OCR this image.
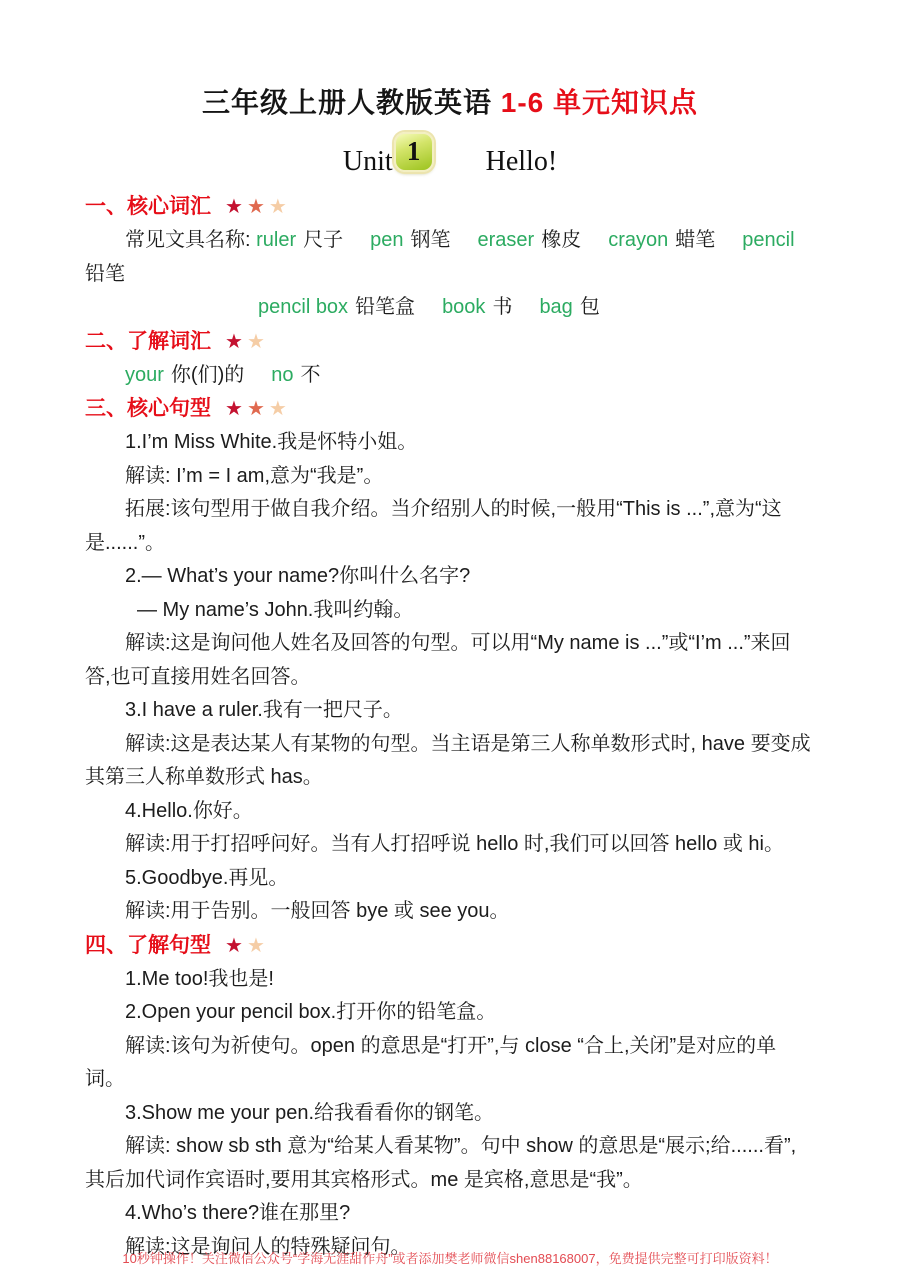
三年级上册人教版英语 1-6 单元知识点
Unit 1 Hello!
一、核心词汇 ★★★

常见文具名称: ruler 尺子 pen 钢笔 eraser 橡皮 crayon 蜡笔 pencil铅笔

pencil box 铅笔盒 book 书 bag 包

二、了解词汇 ★★

your 你(们)的 no 不

三、核心句型 ★★★

1.I’m Miss White.我是怀特小姐。

解读: I’m = I am,意为“我是”。

拓展:该句型用于做自我介绍。当介绍别人的时候,一般用“This is ...”,意为“这是......”。

2.— What’s your name?你叫什么名字?

— My name’s John.我叫约翰。

解读:这是询问他人姓名及回答的句型。可以用“My name is ...”或“I’m ...”来回答,也可直接用姓名回答。

3.I have a ruler.我有一把尺子。

解读:这是表达某人有某物的句型。当主语是第三人称单数形式时, have 要变成其第三人称单数形式 has。

4.Hello.你好。

解读:用于打招呼问好。当有人打招呼说 hello 时,我们可以回答 hello 或 hi。

5.Goodbye.再见。

解读:用于告别。一般回答 bye 或 see you。

四、了解句型 ★★

1.Me too!我也是!

2.Open your pencil box.打开你的铅笔盒。

解读:该句为祈使句。open 的意思是“打开”,与 close “合上,关闭”是对应的单词。

3.Show me your pen.给我看看你的钢笔。

解读: show sb sth 意为“给某人看某物”。句中 show 的意思是“展示;给......看”,其后加代词作宾语时,要用其宾格形式。me 是宾格,意思是“我”。

4.Who’s there?谁在那里?

解读:这是询问人的特殊疑问句。

10秒钟操作！关注微信公众号“学海无涯甜作舟”或者添加樊老师微信shen88168007，免费提供完整可打印版资料！
